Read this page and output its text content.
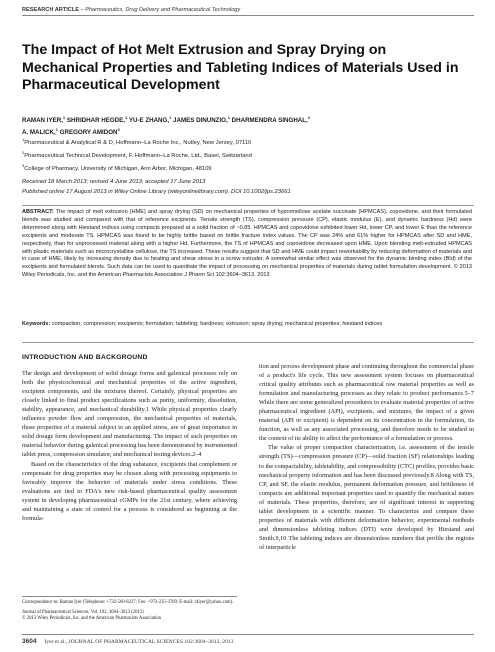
RESEARCH ARTICLE – Pharmaceutics, Drug Delivery and Pharmaceutical Technology
The Impact of Hot Melt Extrusion and Spray Drying on Mechanical Properties and Tableting Indices of Materials Used in Pharmaceutical Development
RAMAN IYER,$^1$ SHRIDHAR HEGDE,$^1$ YU-E ZHANG,$^1$ JAMES DINUNZIO,$^1$ DHARMENDRA SINGHAL,$^2$
A. MALICK,$^1$ GREGORY AMIDON$^3$
$^1$Pharmaceutical & Analytical R & D, Hoffmann–La Roche Inc., Nutley, New Jersey, 07110
$^2$Pharmaceutical Technical Development, F. Hoffmann–La Roche, Ltd., Basel, Switzerland
$^3$College of Pharmacy, University of Michigan, Ann Arbor, Michigan, 48109
Received 18 March 2013; revised 4 June 2013; accepted 17 June 2013
Published online 17 August 2013 in Wiley Online Library (wileyonlinelibrary.com). DOI 10.1002/jps.23661
ABSTRACT: The impact of melt extrusion (HME) and spray drying (SD) on mechanical properties of hypromellose acetate succinate (HPMCAS), copovidone, and their formulated blends was studied and compared with that of reference excipients. Tensile strength (TS), compression pressure (CP), elastic modulus (E), and dynamic hardness (Hd) were determined along with Hiestand indices using compacts prepared at a solid fraction of ~0.85. HPMCAS and copovidone exhibited lower Hd, lower CP, and lower E than the reference excipients and moderate TS. HPMCAS was found to be highly brittle based on brittle fracture index values. The CP was 24% and 61% higher for HPMCAS after SD and HME, respectively, than for unprocessed material along with a higher Hd. Furthermore, the TS of HPMCAS and copovidone decreased upon HME. Upon blending melt-extruded HPMCAS with plastic materials such as microcrystalline cellulose, the TS increased. These results suggest that SD and HME could impact reworkability by reducing deformation of materials and in case of HME, likely by increasing density due to heating and shear stress in a screw extruder. A somewhat similar effect was observed for the dynamic binding index (BId) of the excipients and formulated blends. Such data can be used to quantitate the impact of processing on mechanical properties of materials during tablet formulation development. © 2013 Wiley Periodicals, Inc. and the American Pharmacists Association J Pharm Sci 102:3604–3613, 2013
Keywords: compaction; compression; excipients; formulation; tableting; hardness; extrusion; spray drying; mechanical properties; hiestand indices
INTRODUCTION AND BACKGROUND

The design and development of solid dosage forms and galenical processes rely on both the physicochemical and mechanical properties of the active ingredient, excipient components, and the mixtures thereof. Certainly, physical properties are closely linked to final product specifications such as purity, uniformity, dissolution, stability, appearance, and mechanical durability.1 While physical properties clearly influence powder flow and compression, the mechanical properties of materials, those properties of a material subject to an applied stress, are of great importance in solid dosage form development and manufacturing. The impact of such properties on material behavior during galenical processing has been demonstrated by instrumented tablet press, compression simulator, and mechanical testing devices.2–4

Based on the characteristics of the drug substance, excipients that complement or compensate for drug properties may be chosen along with processing equipments to favorably improve the behavior of materials under stress conditions. These evaluations are tied to FDA's new risk-based pharmaceutical quality assessment system in developing pharmaceutical cGMPs for the 21st century, where achieving and maintaining a state of control for a process is considered as beginning at the formula-

tion and process development phase and continuing throughout the commercial phase of a product's life cycle. This new assessment system focuses on pharmaceutical critical quality attributes such as pharmaceutical raw material properties as well as formulation and manufacturing processes as they relate to product performance.5–7 While there are some generalized procedures to evaluate material properties of active pharmaceutical ingredient (API), excipients, and mixtures, the impact of a given material (API or excipient) is dependent on its concentration in the formulation, its function, as well as any associated processing, and therefore needs to be studied in the context of its ability to affect the performance of a formulation or process.

The value of proper compaction characterization, i.e. assessment of the tensile strength (TS)—compression pressure (CP)—solid fraction (SF) relationships leading to the compactability, tabletability, and compressibility (CTC) profiles, provides basic mechanical property information and has been discussed previously.8 Along with TS, CP, and SF, the elastic modulus, permanent deformation pressure, and brittleness of compacts are additional important properties used to quantify the mechanical nature of materials. These properties, therefore, are of significant interest in supporting tablet development in a scientific manner. To characterize and compare these properties of materials with different deformation behavior, experimental methods and dimensionless tableting indices (DTI) were developed by Hiestand and Smith.9,10 The tableting indices are dimensionless numbers that profile the regions of interparticle

Correspondence to: Raman Iyer (Telephone: +732-560-8237; Fax: +973-235-3769; E-mail: r4iyer@yahoo.com).
Journal of Pharmaceutical Sciences, Vol. 102, 3604–3613 (2013)
© 2013 Wiley Periodicals, Inc. and the American Pharmacists Association
3604 Iyer et al., JOURNAL OF PHARMACEUTICAL SCIENCES 102:3604–3613, 2013
